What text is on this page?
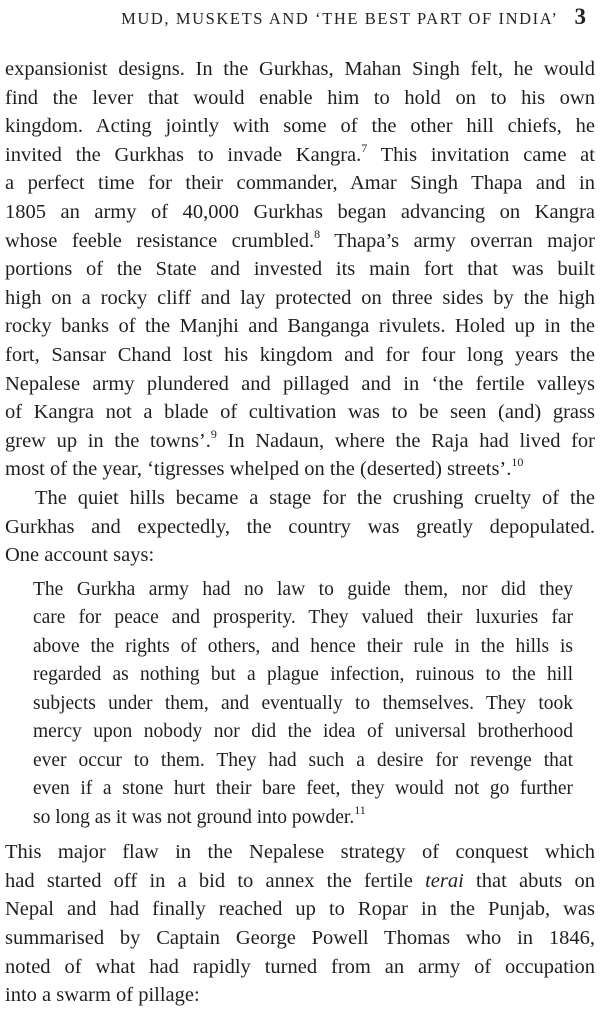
MUD, MUSKETS AND ‘THE BEST PART OF INDIA’ 3
expansionist designs. In the Gurkhas, Mahan Singh felt, he would
find the lever that would enable him to hold on to his own
kingdom. Acting jointly with some of the other hill chiefs, he
invited the Gurkhas to invade Kangra.$^7$ This invitation came at
a perfect time for their commander, Amar Singh Thapa and in
1805 an army of 40,000 Gurkhas began advancing on Kangra
whose feeble resistance crumbled.$^8$ Thapa’s army overran major
portions of the State and invested its main fort that was built
high on a rocky cliff and lay protected on three sides by the high
rocky banks of the Manjhi and Banganga rivulets. Holed up in the
fort, Sansar Chand lost his kingdom and for four long years the
Nepalese army plundered and pillaged and in ‘the fertile valleys
of Kangra not a blade of cultivation was to be seen (and) grass
grew up in the towns’.$^9$ In Nadaun, where the Raja had lived for
most of the year, ‘tigresses whelped on the (deserted) streets’.$^{10}$
The quiet hills became a stage for the crushing cruelty of the
Gurkhas and expectedly, the country was greatly depopulated.
One account says:
The Gurkha army had no law to guide them, nor did they
care for peace and prosperity. They valued their luxuries far
above the rights of others, and hence their rule in the hills is
regarded as nothing but a plague infection, ruinous to the hill
subjects under them, and eventually to themselves. They took
mercy upon nobody nor did the idea of universal brotherhood
ever occur to them. They had such a desire for revenge that
even if a stone hurt their bare feet, they would not go further
so long as it was not ground into powder.$^{11}$
This major flaw in the Nepalese strategy of conquest which
had started off in a bid to annex the fertile terai that abuts on
Nepal and had finally reached up to Ropar in the Punjab, was
summarised by Captain George Powell Thomas who in 1846,
noted of what had rapidly turned from an army of occupation
into a swarm of pillage:
